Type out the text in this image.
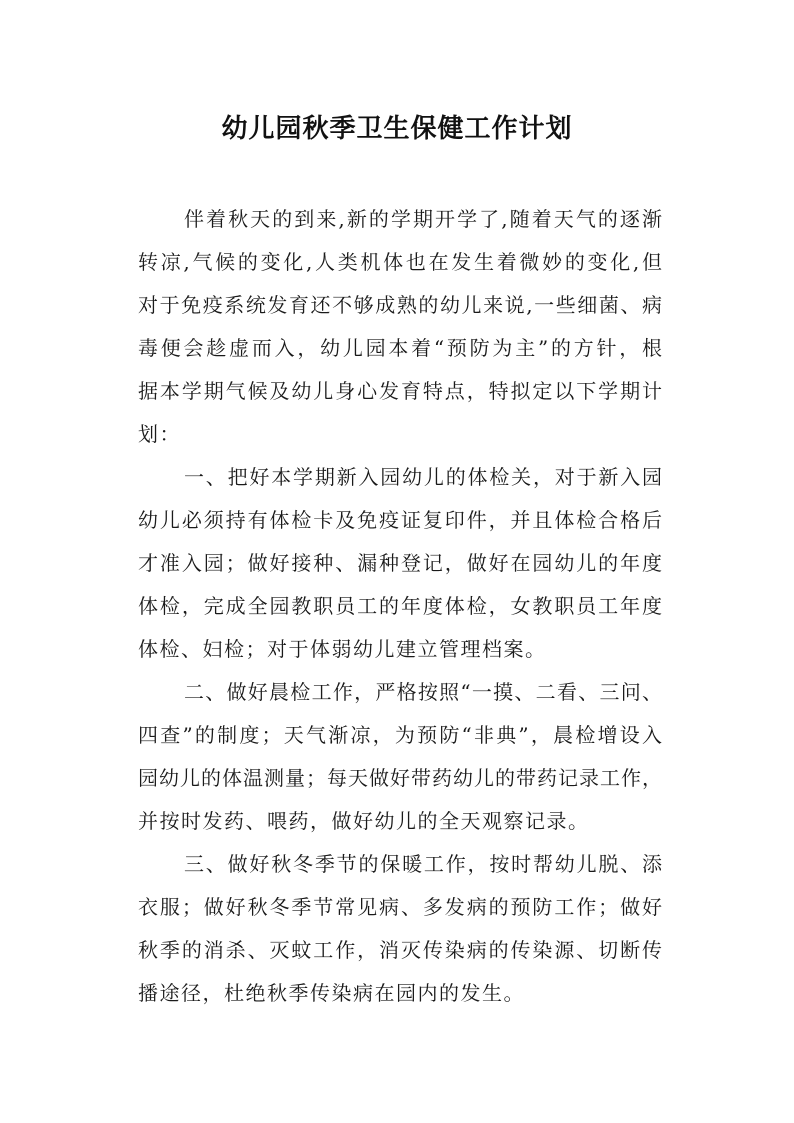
幼儿园秋季卫生保健工作计划
伴着秋天的到来,新的学期开学了,随着天气的逐渐
转凉,气候的变化,人类机体也在发生着微妙的变化,但
对于免疫系统发育还不够成熟的幼儿来说,一些细菌、病
毒便会趁虚而入，幼儿园本着“预防为主”的方针，根
据本学期气候及幼儿身心发育特点，特拟定以下学期计
划：
一、把好本学期新入园幼儿的体检关，对于新入园
幼儿必须持有体检卡及免疫证复印件，并且体检合格后
才准入园；做好接种、漏种登记，做好在园幼儿的年度
体检，完成全园教职员工的年度体检，女教职员工年度
体检、妇检；对于体弱幼儿建立管理档案。
二、做好晨检工作，严格按照“一摸、二看、三问、
四查”的制度；天气渐凉，为预防“非典”，晨检增设入
园幼儿的体温测量；每天做好带药幼儿的带药记录工作，
并按时发药、喂药，做好幼儿的全天观察记录。
三、做好秋冬季节的保暖工作，按时帮幼儿脱、添
衣服；做好秋冬季节常见病、多发病的预防工作；做好
秋季的消杀、灭蚊工作，消灭传染病的传染源、切断传
播途径，杜绝秋季传染病在园内的发生。
